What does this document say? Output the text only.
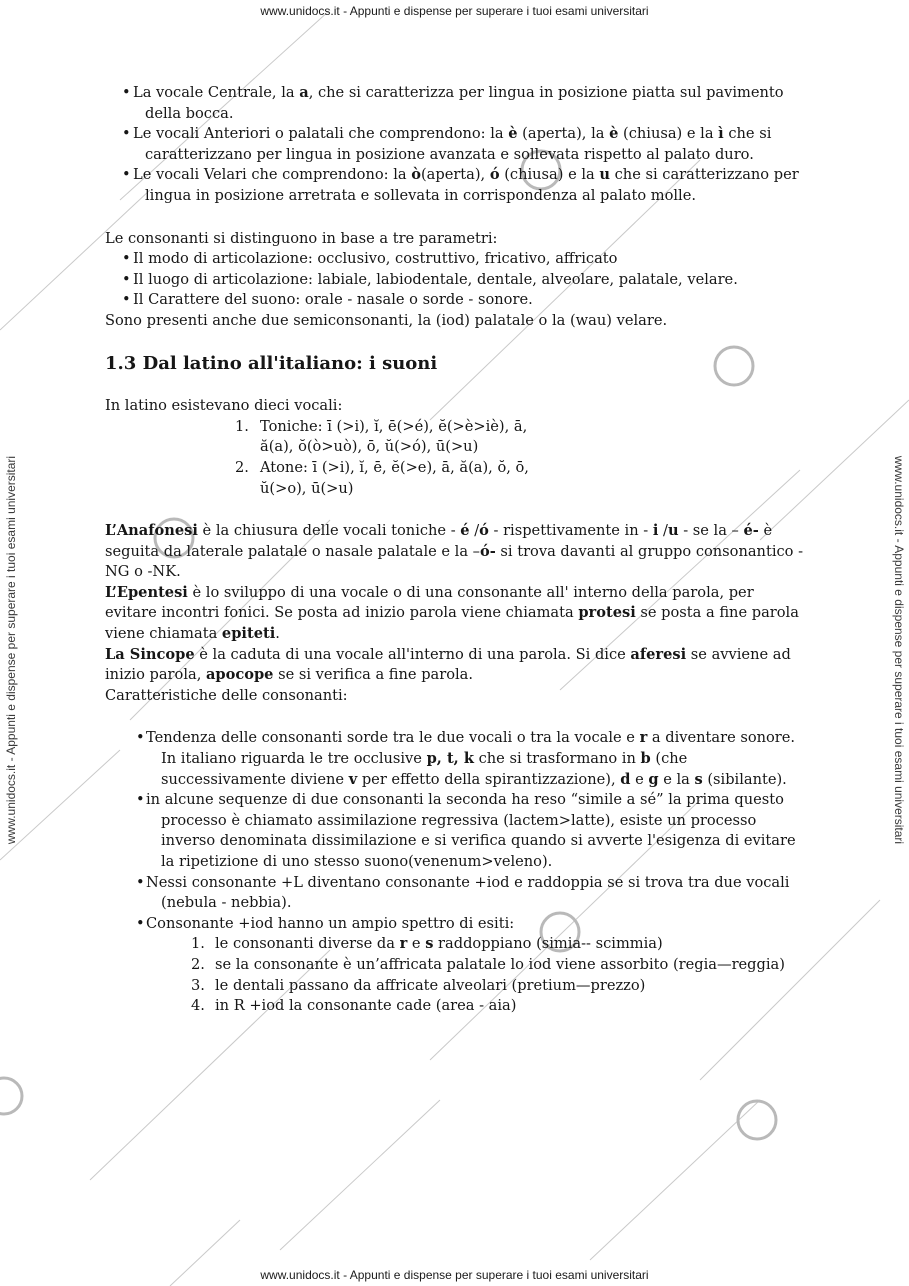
www.unidocs.it - Appunti e dispense per superare i tuoi esami universitari
www.unidocs.it - Appunti e dispense per superare i tuoi esami universitari
www.unidocs.it - Appunti e dispense per superare i tuoi esami universitari	www.unidocs.it - Appunti e dispense per superare i tuoi esami universitari
• La vocale Centrale, la a, che si caratterizza per lingua in posizione piatta sul pavimento della bocca.
• Le vocali Anteriori o palatali che comprendono: la è (aperta), la è (chiusa) e la ì che si caratterizzano per lingua in posizione avanzata e sollevata rispetto al palato duro.
• Le vocali Velari che comprendono: la ò(aperta), ó (chiusa) e la u che si caratterizzano per lingua in posizione arretrata e sollevata in corrispondenza al palato molle.

Le consonanti si distinguono in base a tre parametri:

• Il modo di articolazione: occlusivo, costruttivo, fricativo, affricato
• Il luogo di articolazione: labiale, labiodentale, dentale, alveolare, palatale, velare.
• Il Carattere del suono: orale - nasale o sorde - sonore.

Sono presenti anche due semiconsonanti, la (iod) palatale o la (wau) velare.

1.3 Dal latino all'italiano: i suoni

In latino esistevano dieci vocali:

1. Toniche: ī (>i), ĭ, ē(>é), ĕ(>è>iè), ā, ă(a), ŏ(ò>uò), ō, ŭ(>ó), ū(>u)
2. Atone: ī (>i), ĭ, ē, ĕ(>e), ā, ă(a), ŏ, ō, ŭ(>o), ū(>u)

L’Anafonesi è la chiusura delle vocali toniche - é /ó - rispettivamente in - i /u - se la – é- è seguita da laterale palatale o nasale palatale e la –ó- si trova davanti al gruppo consonantico -NG o -NK.

L’Epentesi è lo sviluppo di una vocale o di una consonante all' interno della parola, per evitare incontri fonici. Se posta ad inizio parola viene chiamata protesi se posta a fine parola viene chiamata epiteti.

La Sincope è la caduta di una vocale all'interno di una parola. Si dice aferesi se avviene ad inizio parola, apocope se si verifica a fine parola.

Caratteristiche delle consonanti:

• Tendenza delle consonanti sorde tra le due vocali o tra la vocale e r a diventare sonore. In italiano riguarda le tre occlusive p, t, k che si trasformano in b (che successivamente diviene v per effetto della spirantizzazione), d e g e la s (sibilante).
• in alcune sequenze di due consonanti la seconda ha reso “simile a sé” la prima questo processo è chiamato assimilazione regressiva (lactem>latte), esiste un processo inverso denominata dissimilazione e si verifica quando si avverte l'esigenza di evitare la ripetizione di uno stesso suono(venenum>veleno).
• Nessi consonante +L diventano consonante +iod e raddoppia se si trova tra due vocali (nebula - nebbia).
• Consonante +iod hanno un ampio spettro di esiti:
1. le consonanti diverse da r e s raddoppiano (simia-- scimmia)
2. se la consonante è un’affricata palatale lo iod viene assorbito (regia—reggia)
3. le dentali passano da affricate alveolari (pretium—prezzo)
4. in R +iod la consonante cade (area - aia)
